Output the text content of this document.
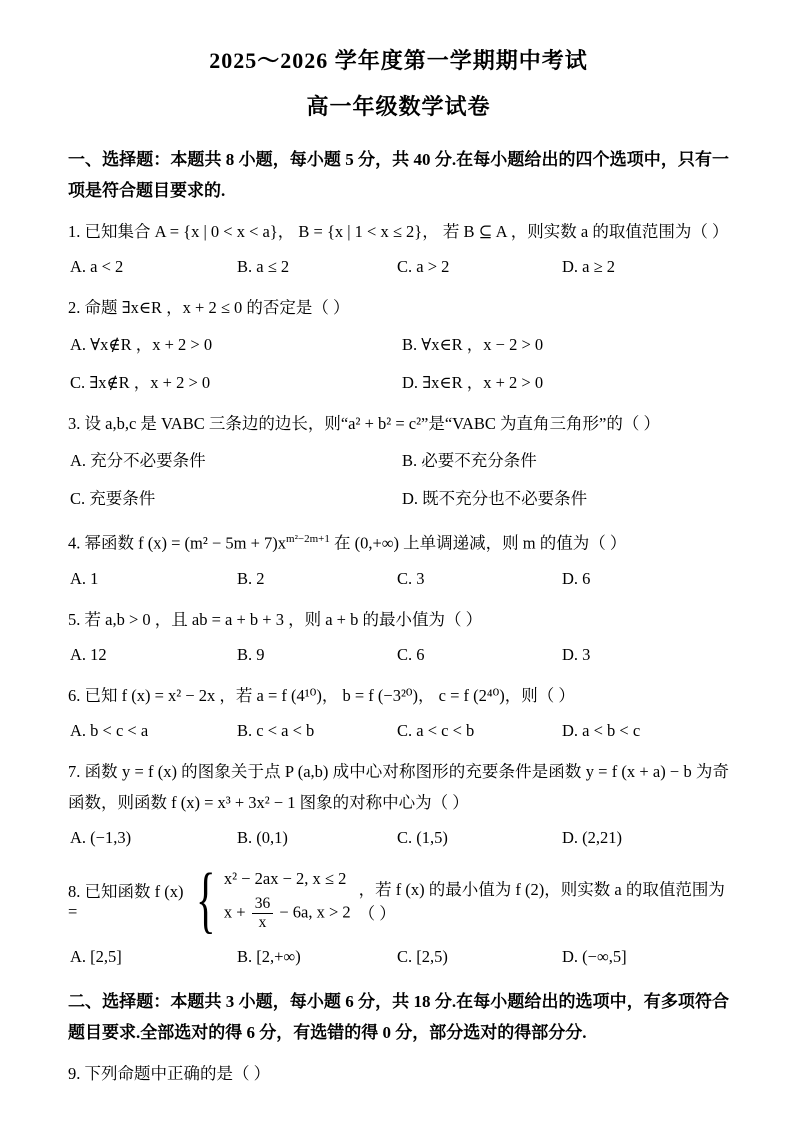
2025～2026 学年度第一学期期中考试
高一年级数学试卷

一、选择题：本题共 8 小题，每小题 5 分，共 40 分.在每小题给出的四个选项中，只有一项是符合题目要求的.

1. 已知集合 A = {x | 0 < x < a}， B = {x | 1 < x ≤ 2}， 若 B ⊆ A ，则实数 a 的取值范围为（ ）

A. a < 2	B. a ≤ 2	C. a > 2	D. a ≥ 2

2. 命题 ∃x∈R ，x + 2 ≤ 0 的否定是（ ）

A. ∀x∉R ，x + 2 > 0	B. ∀x∈R ，x − 2 > 0
C. ∃x∉R ，x + 2 > 0	D. ∃x∈R ，x + 2 > 0

3. 设 a,b,c 是 VABC 三条边的边长，则“a² + b² = c²”是“VABC 为直角三角形”的（ ）

A. 充分不必要条件	B. 必要不充分条件
C. 充要条件	D. 既不充分也不必要条件

4. 幂函数 f $(x) = (m^2 - 5m + 7)x^{m^2-2m+1}$ 在 (0,+∞) 上单调递减，则 m 的值为（ ）

A. 1	B. 2	C. 3	D. 6

5. 若 a,b > 0 ，且 ab = a + b + 3 ，则 a + b 的最小值为（ ）

A. 12	B. 9	C. 6	D. 3

6. 已知 f (x) = x² − 2x ，若 a = f (4¹⁰)， b = f (−3²⁰)， c = f (2⁴⁰)，则（ ）

A. b < c < a	B. c < a < b	C. a < c < b	D. a < b < c

7. 函数 y = f (x) 的图象关于点 P (a,b) 成中心对称图形的充要条件是函数 y = f (x + a) − b 为奇函数，则函数 f (x) = x³ + 3x² − 1 图象的对称中心为（ ）

A. (−1,3)	B. (0,1)	C. (1,5)	D. (2,21)
8. 已知函数 f (x) =	{ x² − 2ax − 2, x ≤ 2
$x + \frac{36}{x} - 6a$, x > 2
，若 f (x) 的最小值为 f (2)，则实数 a 的取值范围为（ ）
A. [2,5]	B. [2,+∞)	C. [2,5)	D. (−∞,5]

二、选择题：本题共 3 小题，每小题 6 分，共 18 分.在每小题给出的选项中，有多项符合题目要求.全部选对的得 6 分，有选错的得 0 分，部分选对的得部分分.

9. 下列命题中正确的是（ ）
